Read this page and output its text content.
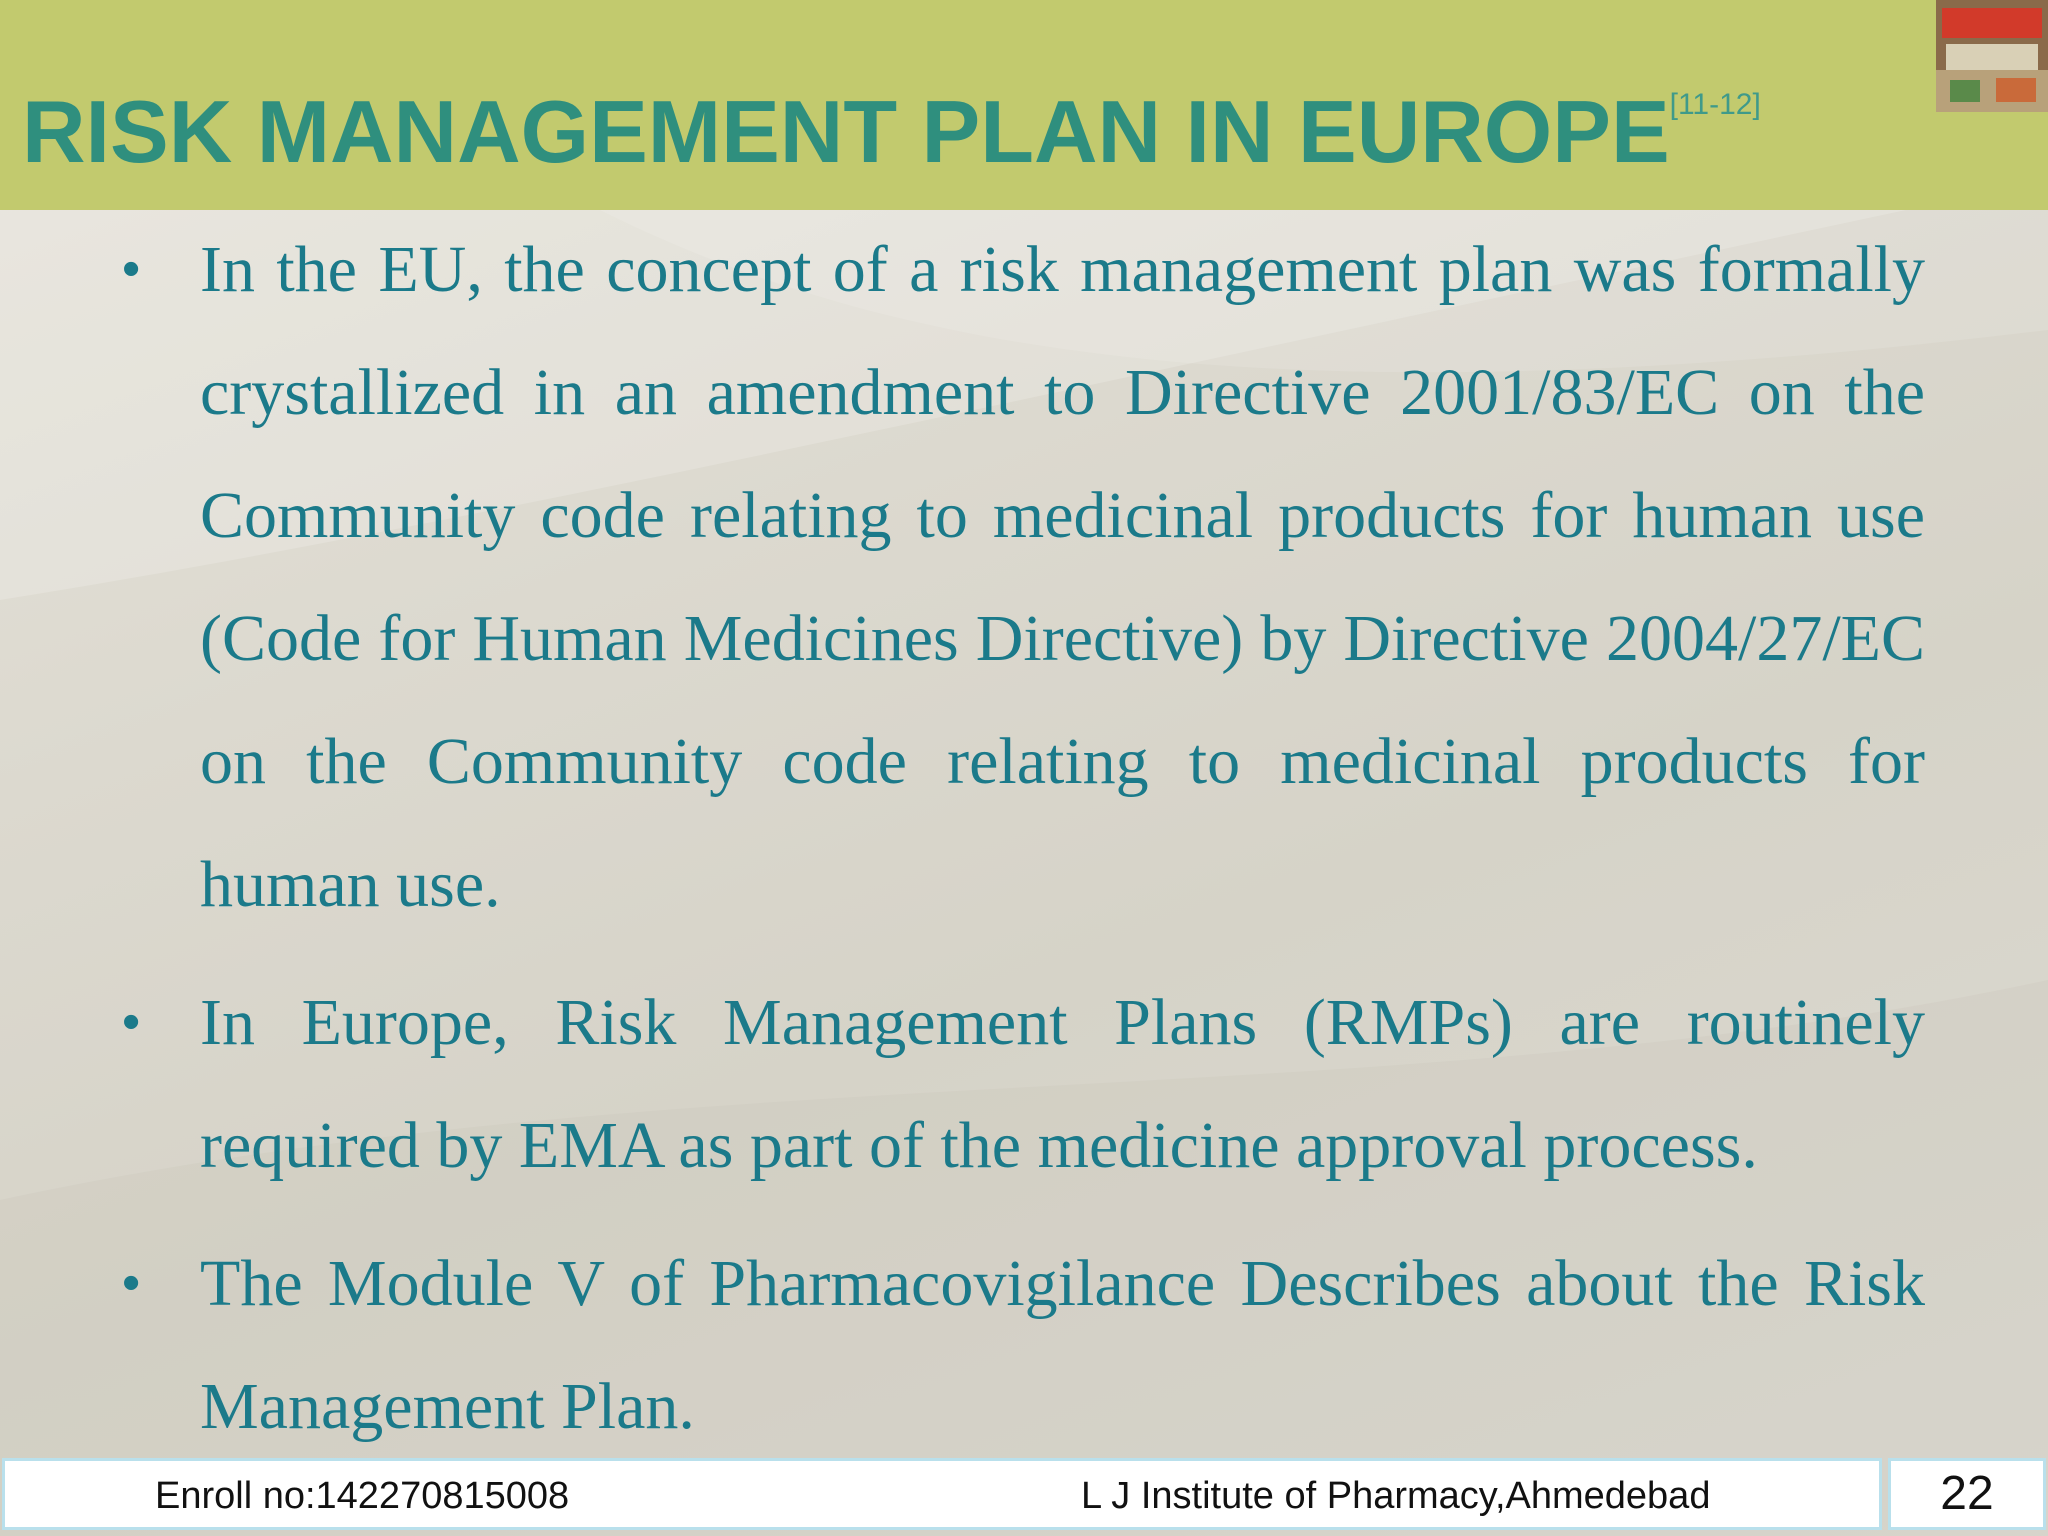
RISK MANAGEMENT PLAN IN EUROPE[11-12]
• In the EU, the concept of a risk management plan was formally crystallized in an amendment to Directive 2001/83/EC on the Community code relating to medicinal products for human use (Code for Human Medicines Directive) by Directive 2004/27/EC on the Community code relating to medicinal products for human use.
• In Europe, Risk Management Plans (RMPs) are routinely required by EMA as part of the medicine approval process.
• The Module V of Pharmacovigilance Describes about the Risk Management Plan.
Enroll no:142270815008	L J Institute of Pharmacy,Ahmedebad	22
